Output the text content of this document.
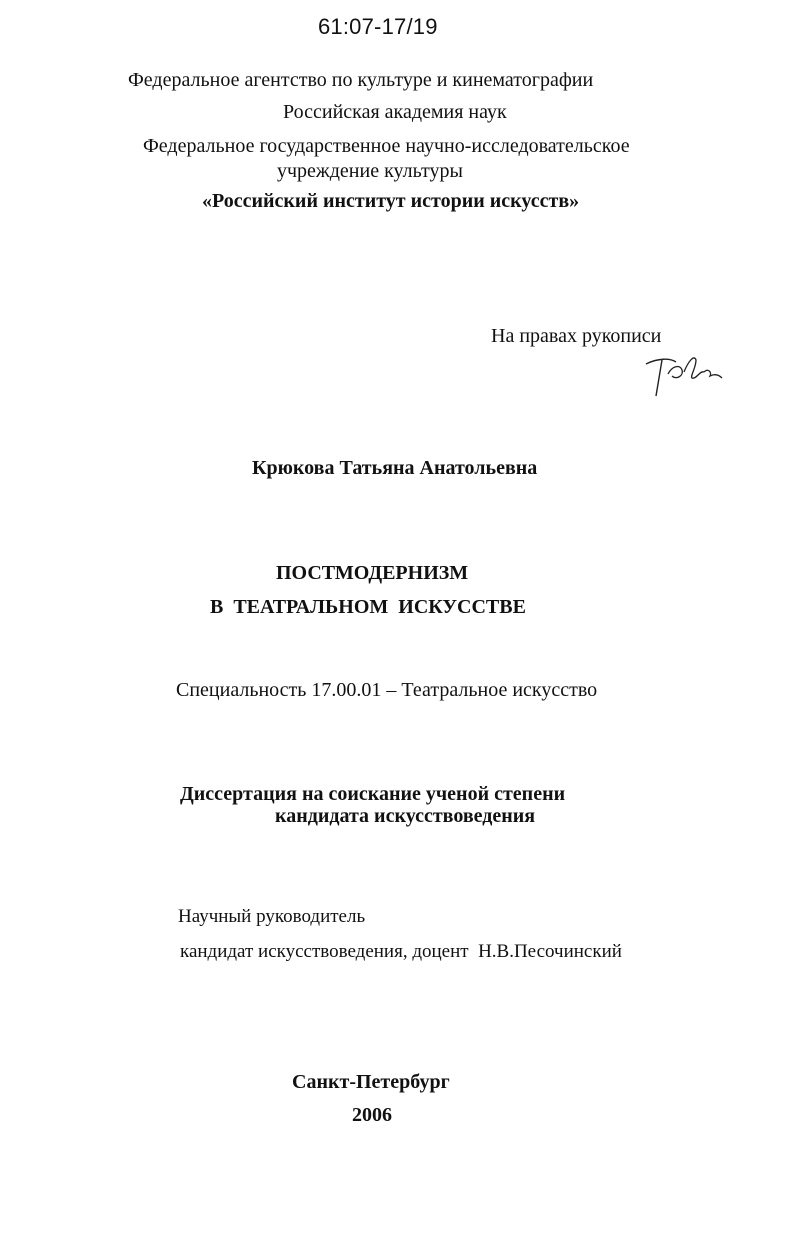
61:07-17/19
Федеральное агентство по культуре и кинематографии
Российская академия наук
Федеральное государственное научно-исследовательское
учреждение культуры
«Российский институт истории искусств»
На правах рукописи
Крюкова Татьяна Анатольевна
ПОСТМОДЕРНИЗМ
В  ТЕАТРАЛЬНОМ  ИСКУССТВЕ
Специальность 17.00.01 – Театральное искусство
Диссертация на соискание ученой степени
кандидата искусствоведения
Научный руководитель
кандидат искусствоведения, доцент  Н.В.Песочинский
Санкт-Петербург
2006
